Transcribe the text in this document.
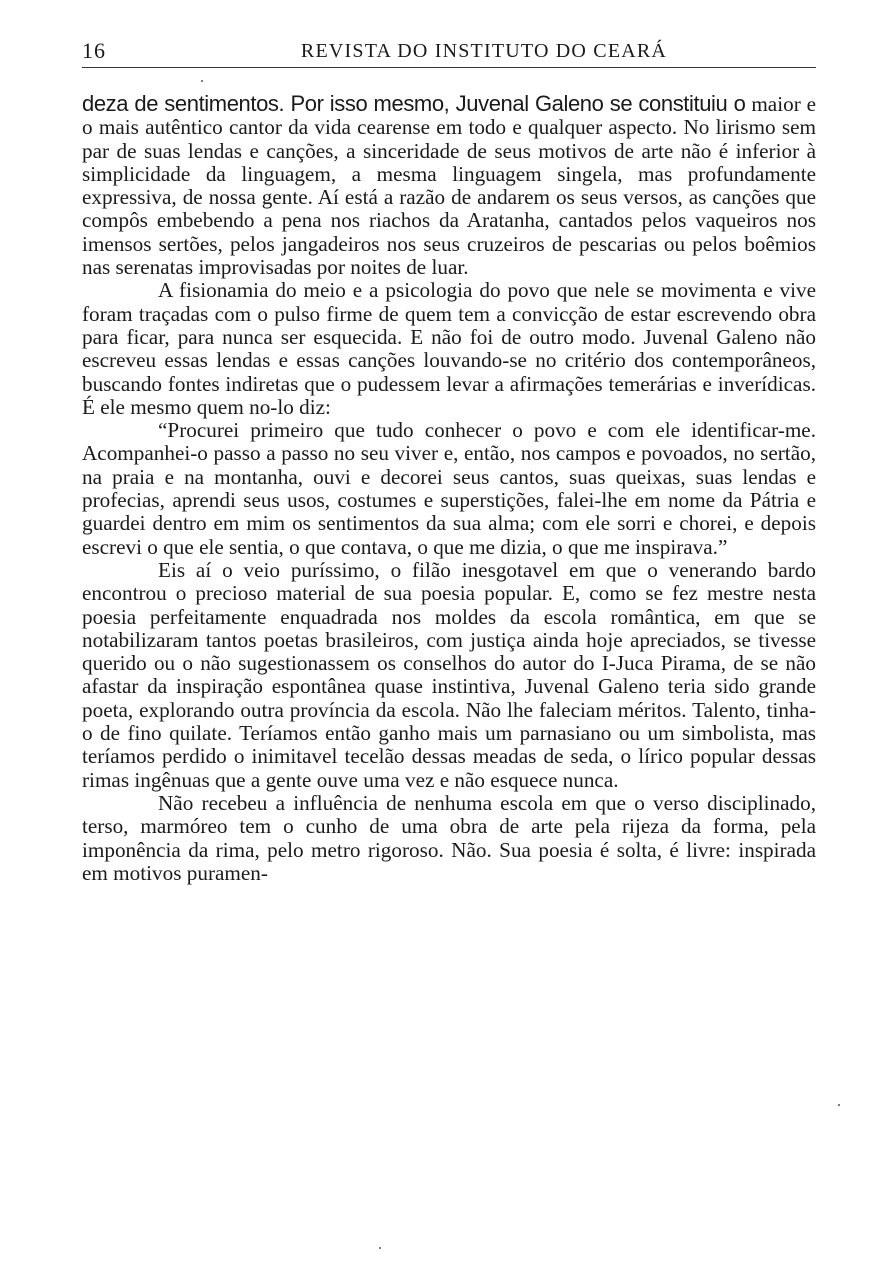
16	REVISTA DO INSTITUTO DO CEARÁ

deza de sentimentos. Por isso mesmo, Juvenal Galeno se constituiu o maior e o mais autêntico cantor da vida cearense em todo e qualquer aspecto. No lirismo sem par de suas lendas e canções, a sinceridade de seus motivos de arte não é inferior à simplicidade da linguagem, a mesma linguagem singela, mas profundamente expressiva, de nossa gente. Aí está a razão de andarem os seus versos, as canções que compôs embebendo a pena nos riachos da Aratanha, cantados pelos vaqueiros nos imensos sertões, pelos jangadeiros nos seus cruzeiros de pescarias ou pelos boêmios nas serenatas improvisadas por noites de luar.

A fisionamia do meio e a psicologia do povo que nele se movimenta e vive foram traçadas com o pulso firme de quem tem a convicção de estar escrevendo obra para ficar, para nunca ser esquecida. E não foi de outro modo. Juvenal Galeno não escreveu essas lendas e essas canções louvando-se no critério dos contemporâneos, buscando fontes indiretas que o pudessem levar a afirmações temerárias e inverídicas. É ele mesmo quem no-lo diz:

“Procurei primeiro que tudo conhecer o povo e com ele identificar-me. Acompanhei-o passo a passo no seu viver e, então, nos campos e povoados, no sertão, na praia e na montanha, ouvi e decorei seus cantos, suas queixas, suas lendas e profecias, aprendi seus usos, costumes e superstições, falei-lhe em nome da Pátria e guardei dentro em mim os sentimentos da sua alma; com ele sorri e chorei, e depois escrevi o que ele sentia, o que contava, o que me dizia, o que me inspirava.”

Eis aí o veio puríssimo, o filão inesgotavel em que o venerando bardo encontrou o precioso material de sua poesia popular. E, como se fez mestre nesta poesia perfeitamente enquadrada nos moldes da escola romântica, em que se notabilizaram tantos poetas brasileiros, com justiça ainda hoje apreciados, se tivesse querido ou o não sugestionassem os conselhos do autor do I-Juca Pirama, de se não afastar da inspiração espontânea quase instintiva, Juvenal Galeno teria sido grande poeta, explorando outra província da escola. Não lhe faleciam méritos. Talento, tinha-o de fino quilate. Teríamos então ganho mais um parnasiano ou um simbolista, mas teríamos perdido o inimitavel tecelão dessas meadas de seda, o lírico popular dessas rimas ingênuas que a gente ouve uma vez e não esquece nunca.

Não recebeu a influência de nenhuma escola em que o verso disciplinado, terso, marmóreo tem o cunho de uma obra de arte pela rijeza da forma, pela imponência da rima, pelo metro rigoroso. Não. Sua poesia é solta, é livre: inspirada em motivos puramen-
